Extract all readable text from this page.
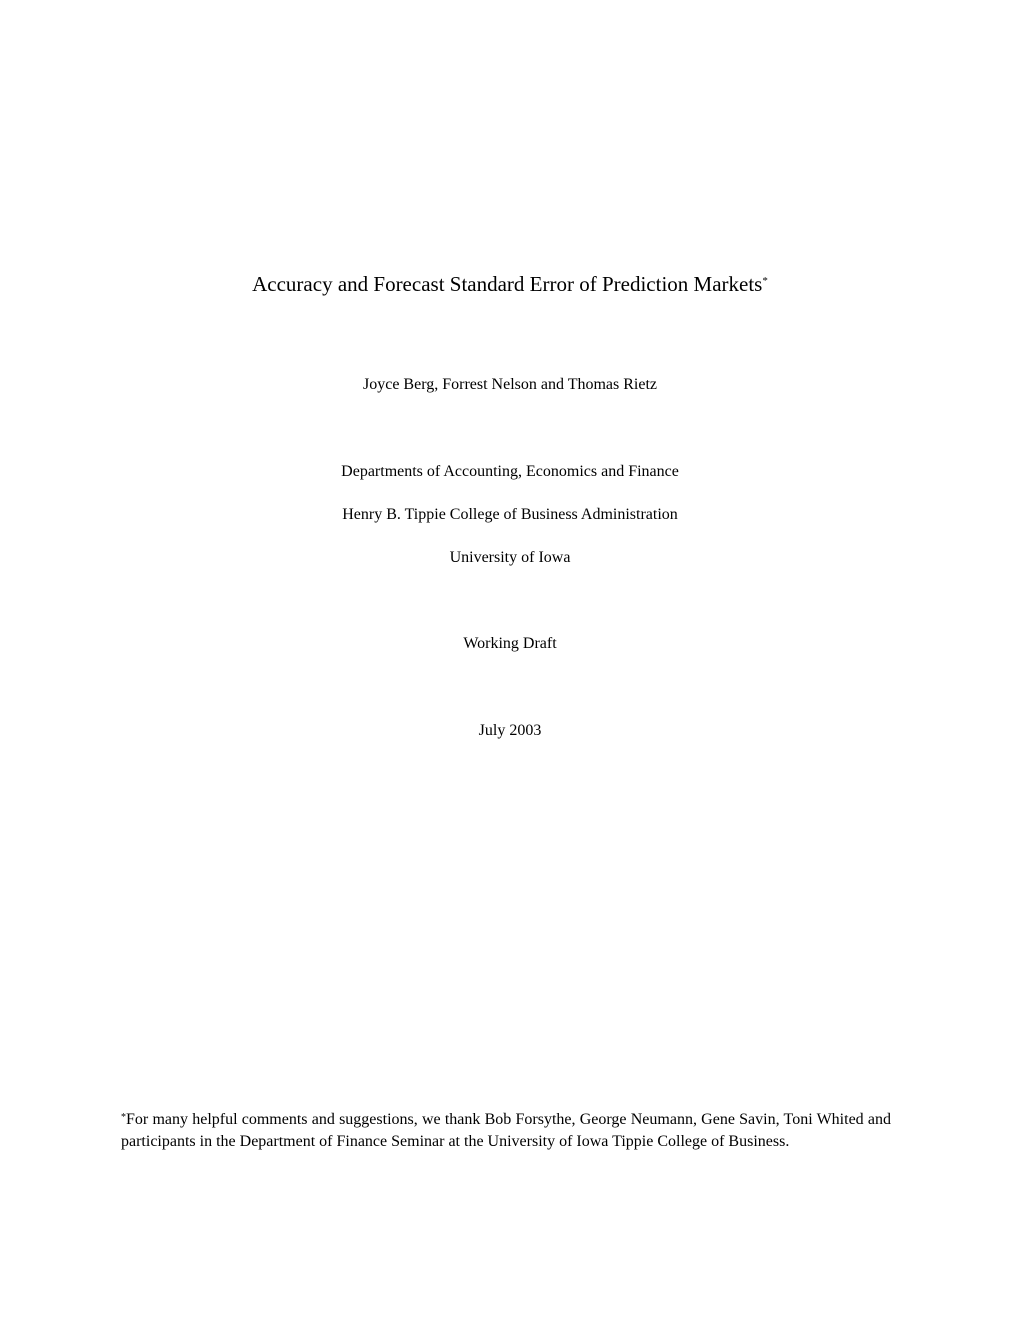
Accuracy and Forecast Standard Error of Prediction Markets*
Joyce Berg, Forrest Nelson and Thomas Rietz
Departments of Accounting, Economics and Finance
Henry B. Tippie College of Business Administration
University of Iowa
Working Draft
July 2003
*For many helpful comments and suggestions, we thank Bob Forsythe, George Neumann, Gene Savin, Toni Whited and participants in the Department of Finance Seminar at the University of Iowa Tippie College of Business.
